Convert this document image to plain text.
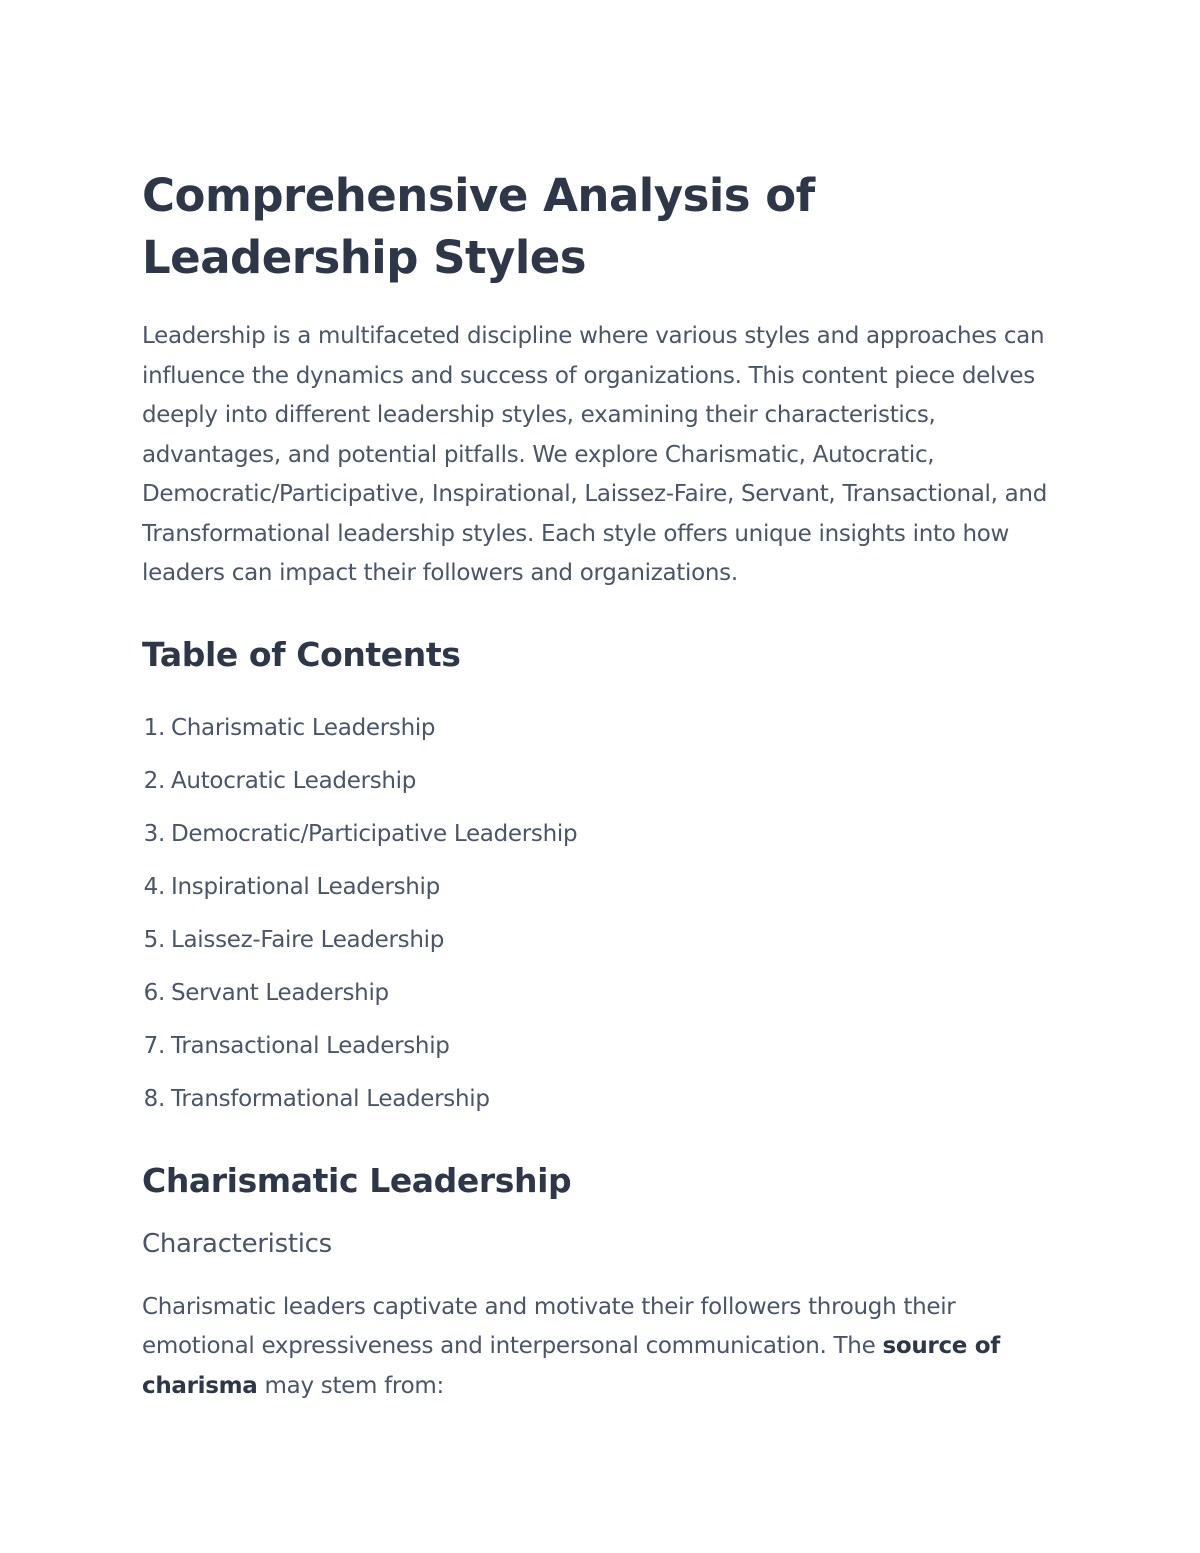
Comprehensive Analysis of Leadership Styles

Leadership is a multifaceted discipline where various styles and approaches can influence the dynamics and success of organizations. This content piece delves deeply into different leadership styles, examining their characteristics, advantages, and potential pitfalls. We explore Charismatic, Autocratic, Democratic/Participative, Inspirational, Laissez-Faire, Servant, Transactional, and Transformational leadership styles. Each style offers unique insights into how leaders can impact their followers and organizations.

Table of Contents
1. Charismatic Leadership
2. Autocratic Leadership
3. Democratic/Participative Leadership
4. Inspirational Leadership
5. Laissez-Faire Leadership
6. Servant Leadership
7. Transactional Leadership
8. Transformational Leadership
Charismatic Leadership
Characteristics

Charismatic leaders captivate and motivate their followers through their emotional expressiveness and interpersonal communication. The source of charisma may stem from:
